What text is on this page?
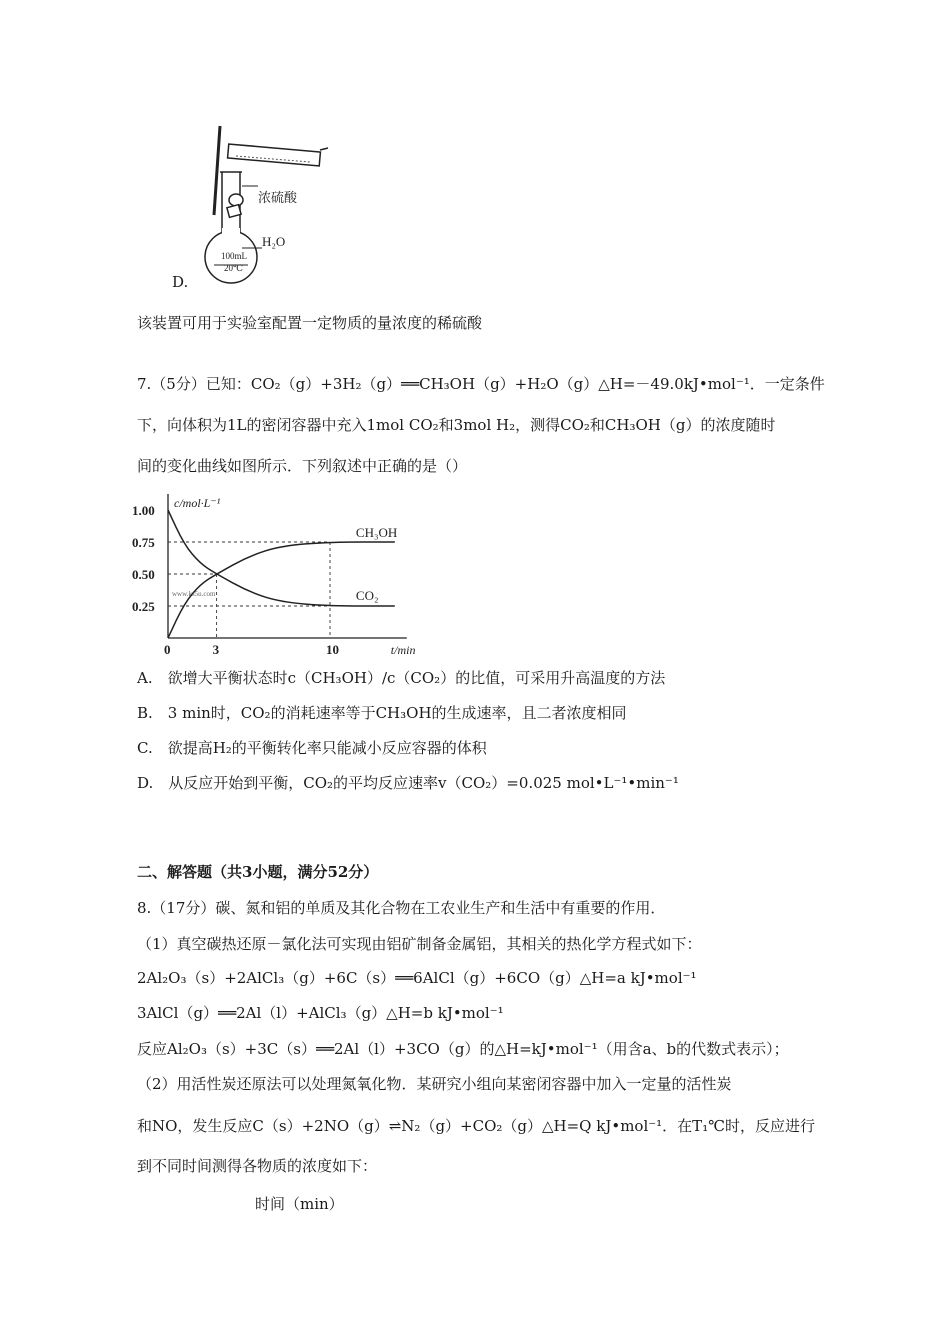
100mL
20℃
浓硫酸
H₂O
D.
该装置可用于实验室配置一定物质的量浓度的稀硫酸
7.（5分）已知：CO₂（g）+3H₂（g）══CH₃OH（g）+H₂O（g）△H=－49.0kJ•mol⁻¹．一定条件
下，向体积为1L的密闭容器中充入1mol CO₂和3mol H₂，测得CO₂和CH₃OH（g）的浓度随时
间的变化曲线如图所示．下列叙述中正确的是（）
1.00
0.75
0.50
0.25
c/mol·L⁻¹
0	3	10	t/min
www.ks5u.com
CH₃OH
CO₂
A.　欲增大平衡状态时c（CH₃OH）/c（CO₂）的比值，可采用升高温度的方法
B.　3 min时，CO₂的消耗速率等于CH₃OH的生成速率，且二者浓度相同
C.　欲提高H₂的平衡转化率只能减小反应容器的体积
D.　从反应开始到平衡，CO₂的平均反应速率v（CO₂）=0.025 mol•L⁻¹•min⁻¹
二、解答题（共3小题，满分52分）
8.（17分）碳、氮和铝的单质及其化合物在工农业生产和生活中有重要的作用．
（1）真空碳热还原－氯化法可实现由铝矿制备金属铝，其相关的热化学方程式如下：
2Al₂O₃（s）+2AlCl₃（g）+6C（s）══6AlCl（g）+6CO（g）△H=a kJ•mol⁻¹
3AlCl（g）══2Al（l）+AlCl₃（g）△H=b kJ•mol⁻¹
反应Al₂O₃（s）+3C（s）══2Al（l）+3CO（g）的△H=kJ•mol⁻¹（用含a、b的代数式表示）；
（2）用活性炭还原法可以处理氮氧化物．某研究小组向某密闭容器中加入一定量的活性炭
和NO，发生反应C（s）+2NO（g）⇌N₂（g）+CO₂（g）△H=Q kJ•mol⁻¹．在T₁℃时，反应进行
到不同时间测得各物质的浓度如下：
时间（min）
